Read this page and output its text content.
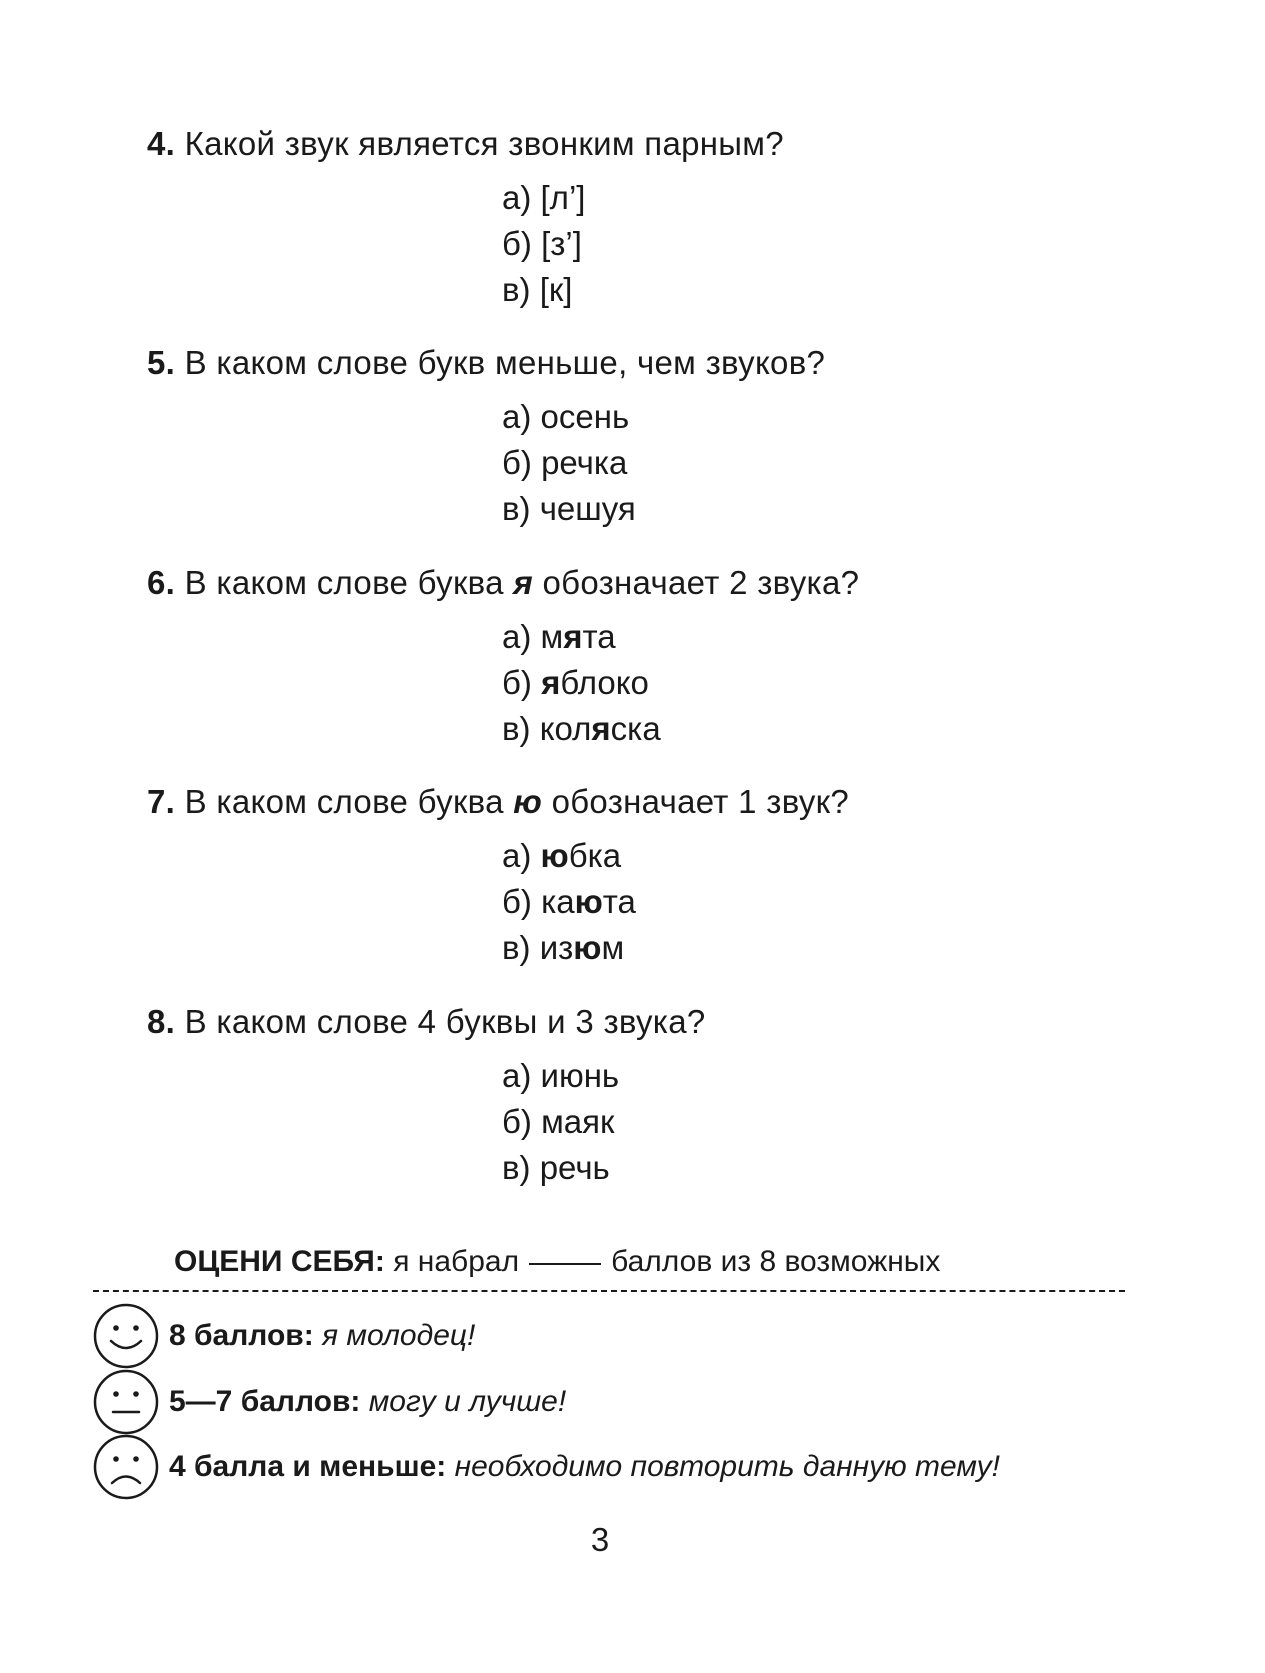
4. Какой звук является звонким парным?
а) [л’]
б) [з’]
в) [к]
5. В каком слове букв меньше, чем звуков?
а) осень
б) речка
в) чешуя
6. В каком слове буква я обозначает 2 звука?
а) мята
б) яблоко
в) коляска
7. В каком слове буква ю обозначает 1 звук?
а) юбка
б) каюта
в) изюм
8. В каком слове 4 буквы и 3 звука?
а) июнь
б) маяк
в) речь
ОЦЕНИ СЕБЯ: я набрал	баллов из 8 возможных
8 баллов: я молодец!
5—7 баллов: могу и лучше!
4 балла и меньше: необходимо повторить данную тему!
3
